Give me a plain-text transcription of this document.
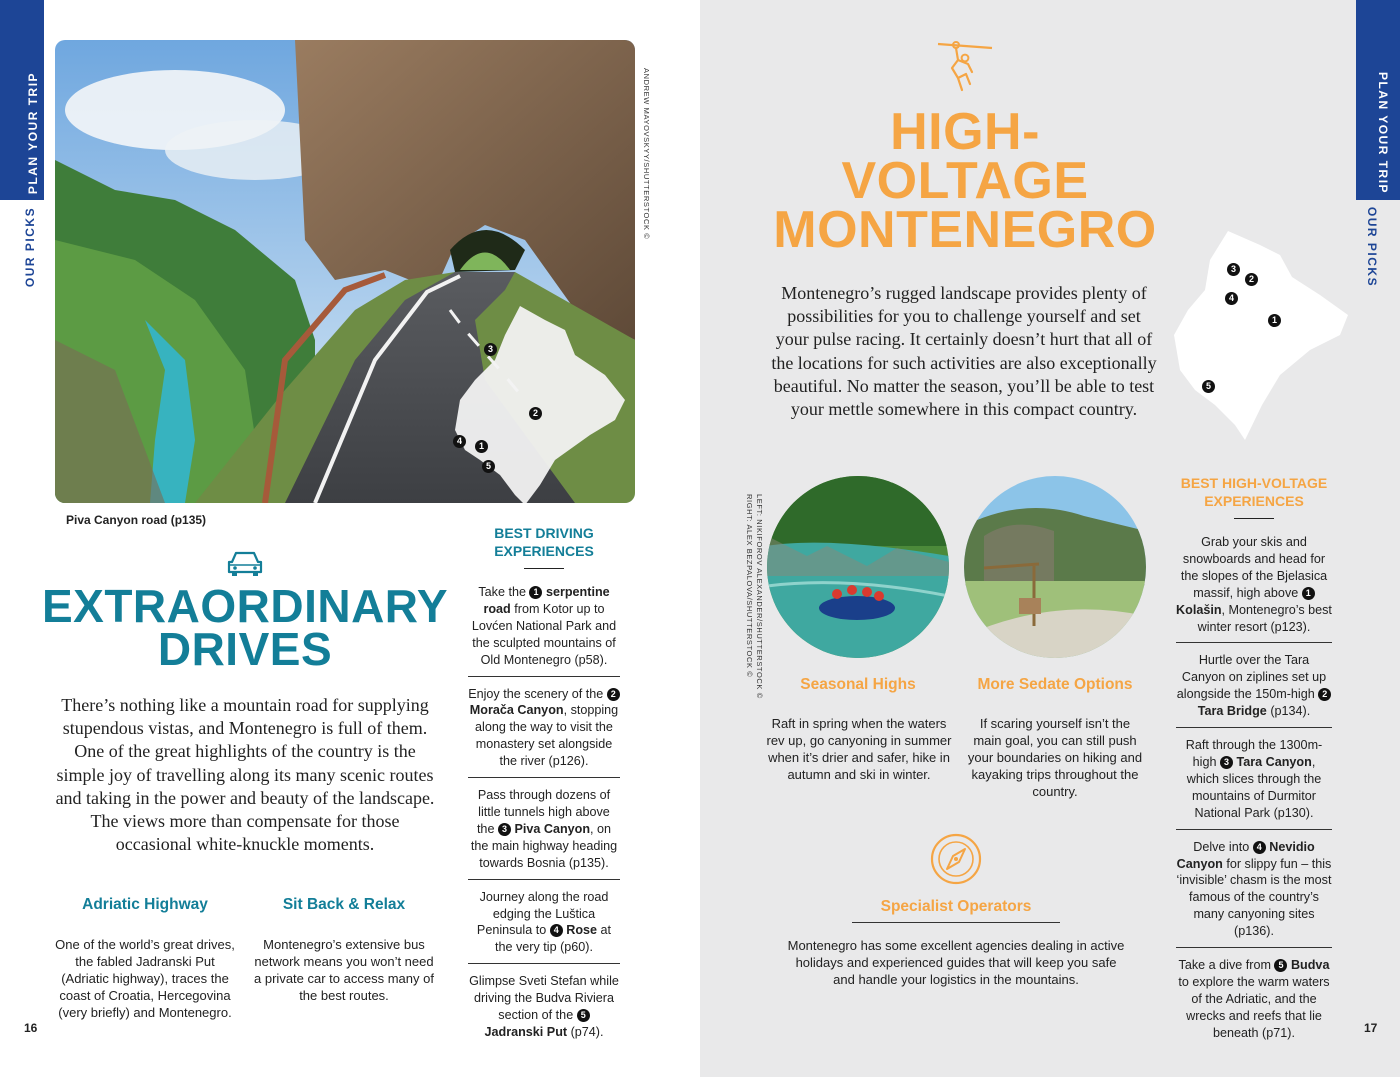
PLAN YOUR TRIP
OUR PICKS
3
2
4	1
5
ANDREW MAYOVSKYY/SHUTTERSTOCK ©
Piva Canyon road (p135)
EXTRAORDINARY
DRIVES
There’s nothing like a mountain road for supplying stupendous vistas, and Montenegro is full of them. One of the great highlights of the country is the simple joy of travelling along its many scenic routes and taking in the power and beauty of the landscape. The views more than compensate for those occasional white-knuckle moments.
Adriatic Highway
One of the world’s great drives, the fabled Jadranski Put (Adriatic highway), traces the coast of Croatia, Hercegovina (very briefly) and Montenegro.
Sit Back & Relax
Montenegro’s extensive bus network means you won’t need a private car to access many of the best routes.
BEST DRIVING EXPERIENCES
Take the 1 serpentine road from Kotor up to Lovćen National Park and the sculpted mountains of Old Montenegro (p58).
Enjoy the scenery of the 2 Morača Canyon, stopping along the way to visit the monastery set alongside the river (p126).
Pass through dozens of little tunnels high above the 3 Piva Canyon, on the main highway heading towards Bosnia (p135).
Journey along the road edging the Luštica Peninsula to 4 Rose at the very tip (p60).
Glimpse Sveti Stefan while driving the Budva Riviera section of the 5 Jadranski Put (p74).
16
PLAN YOUR TRIP
OUR PICKS
HIGH-
VOLTAGE
MONTENEGRO
Montenegro’s rugged landscape provides plenty of possibilities for you to challenge yourself and set your pulse racing. It certainly doesn’t hurt that all of the locations for such activities are also exceptionally beautiful. No matter the season, you’ll be able to test your mettle somewhere in this compact country.
3
2
4
1
5
LEFT: NIKIFOROV ALEXANDER/SHUTTERSTOCK ©
RIGHT: ALEX BEZPALOVA/SHUTTERSTOCK ©
Seasonal Highs
Raft in spring when the waters rev up, go canyoning in summer when it’s drier and safer, hike in autumn and ski in winter.
More Sedate Options
If scaring yourself isn’t the main goal, you can still push your boundaries on hiking and kayaking trips throughout the country.
Specialist Operators
Montenegro has some excellent agencies dealing in active holidays and experienced guides that will keep you safe and handle your logistics in the mountains.
BEST HIGH-VOLTAGE EXPERIENCES
Grab your skis and snowboards and head for the slopes of the Bjelasica massif, high above 1 Kolašin, Montenegro’s best winter resort (p123).
Hurtle over the Tara Canyon on ziplines set up alongside the 150m-high 2 Tara Bridge (p134).
Raft through the 1300m-high 3 Tara Canyon, which slices through the mountains of Durmitor National Park (p130).
Delve into 4 Nevidio Canyon for slippy fun – this ‘invisible’ chasm is the most famous of the country’s many canyoning sites (p136).
Take a dive from 5 Budva to explore the warm waters of the Adriatic, and the wrecks and reefs that lie beneath (p71).	17
